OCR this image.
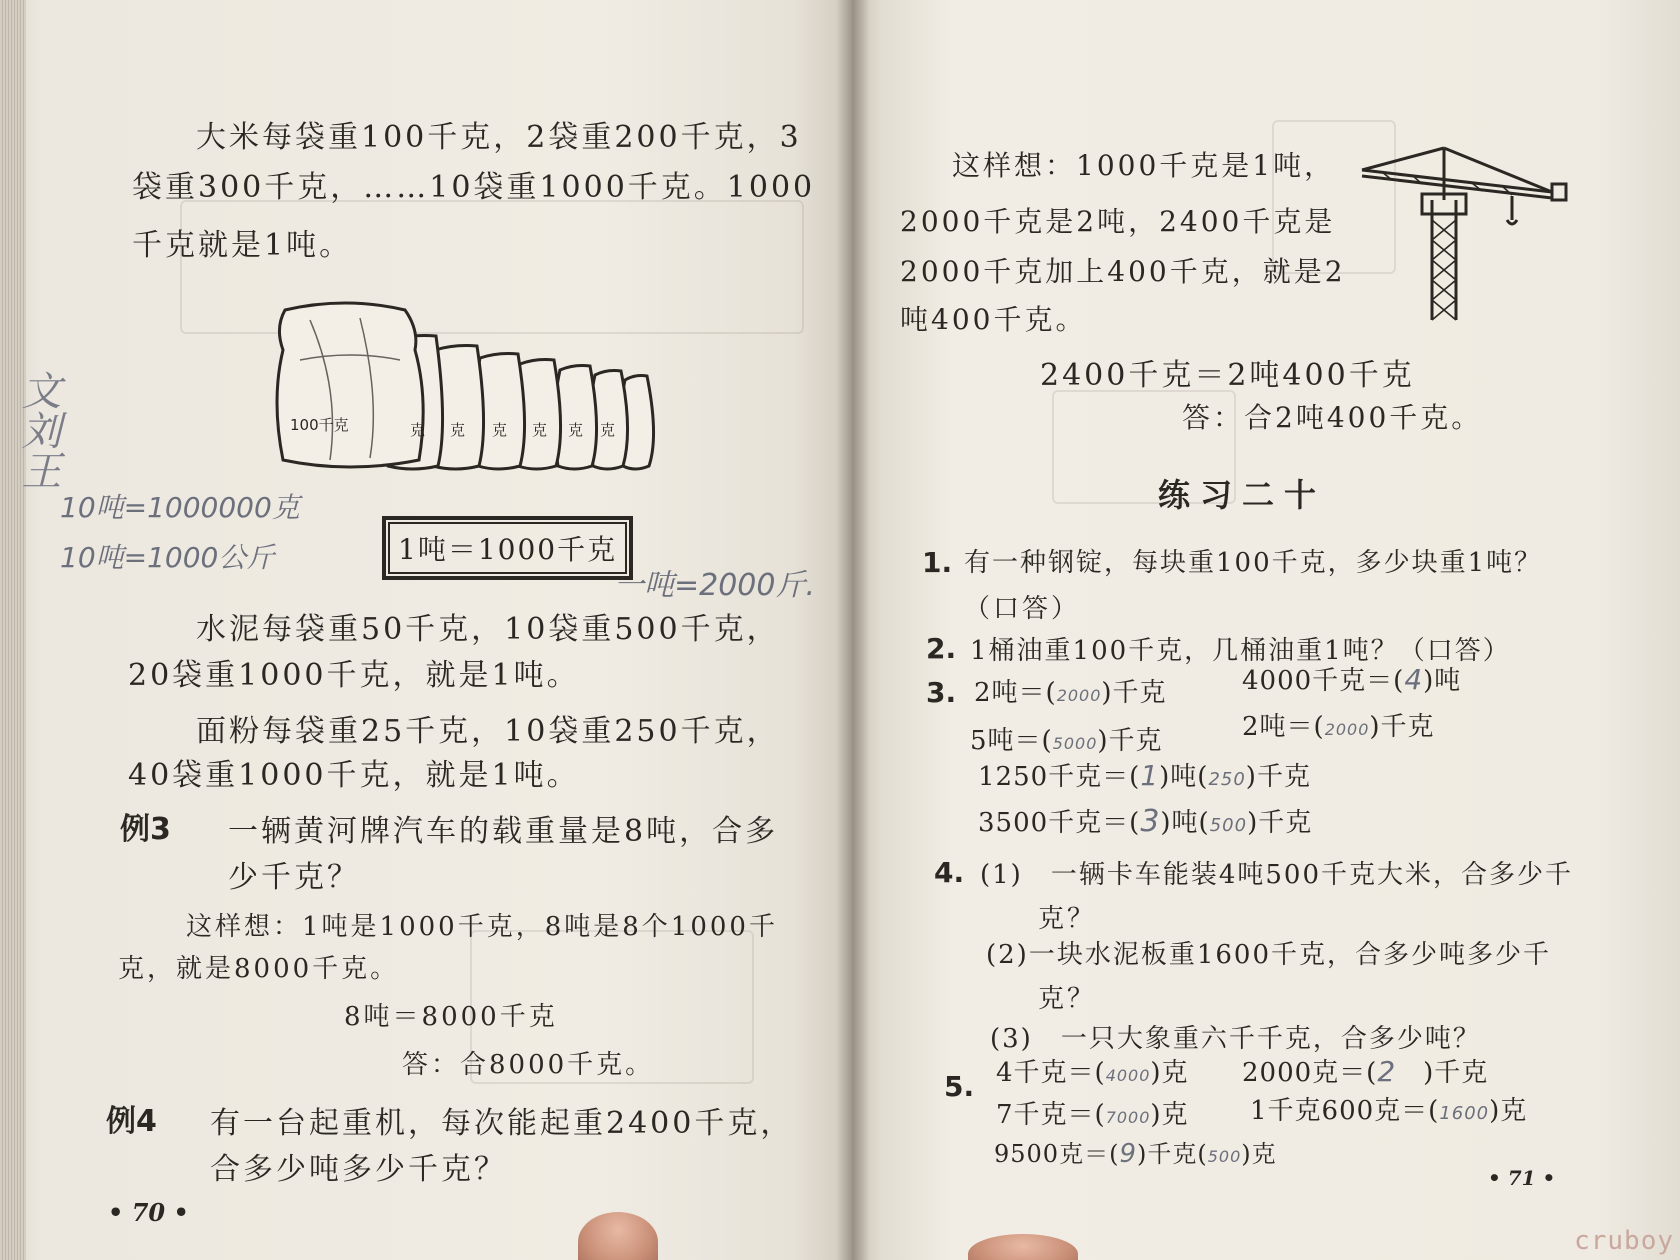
文刘王
大米每袋重100千克，2袋重200千克，3
袋重300千克，……10袋重1000千克。1000
千克就是1吨。
100千克	克 克 克 克 克 克
10吨=1000000克
10吨=1000公斤	1吨＝1000千克
一吨=2000斤.
水泥每袋重50千克，10袋重500千克，
20袋重1000千克，就是1吨。
面粉每袋重25千克，10袋重250千克，
40袋重1000千克，就是1吨。
例3 一辆黄河牌汽车的载重量是8吨，合多
少千克？
这样想：1吨是1000千克，8吨是8个1000千
克，就是8000千克。
8吨＝8000千克
答：合8000千克。
例4 有一台起重机，每次能起重2400千克，
合多少吨多少千克？
• 70 •
这样想：1000千克是1吨，
2000千克是2吨，2400千克是
2000千克加上400千克，就是2
吨400千克。
2400千克＝2吨400千克
答：合2吨400千克。
练习二十
1. 有一种钢锭，每块重100千克，多少块重1吨？
（口答）
2. 1桶油重100千克，几桶油重1吨？（口答）
3. 2吨＝(2000)千克	4000千克＝(4)吨
5吨＝(5000)千克	2吨＝(2000)千克
1250千克＝(1)吨(250)千克
3500千克＝(3)吨(500)千克
4. (1)　一辆卡车能装4吨500千克大米，合多少千
克？
(2)一块水泥板重1600千克，合多少吨多少千
克？
(3)　一只大象重六千千克，合多少吨？
5. 4千克＝(4000)克 2000克＝(2　)千克
7千克＝(7000)克 1千克600克＝(1600)克
9500克＝(9)千克(500)克
• 71 •
cruboy
